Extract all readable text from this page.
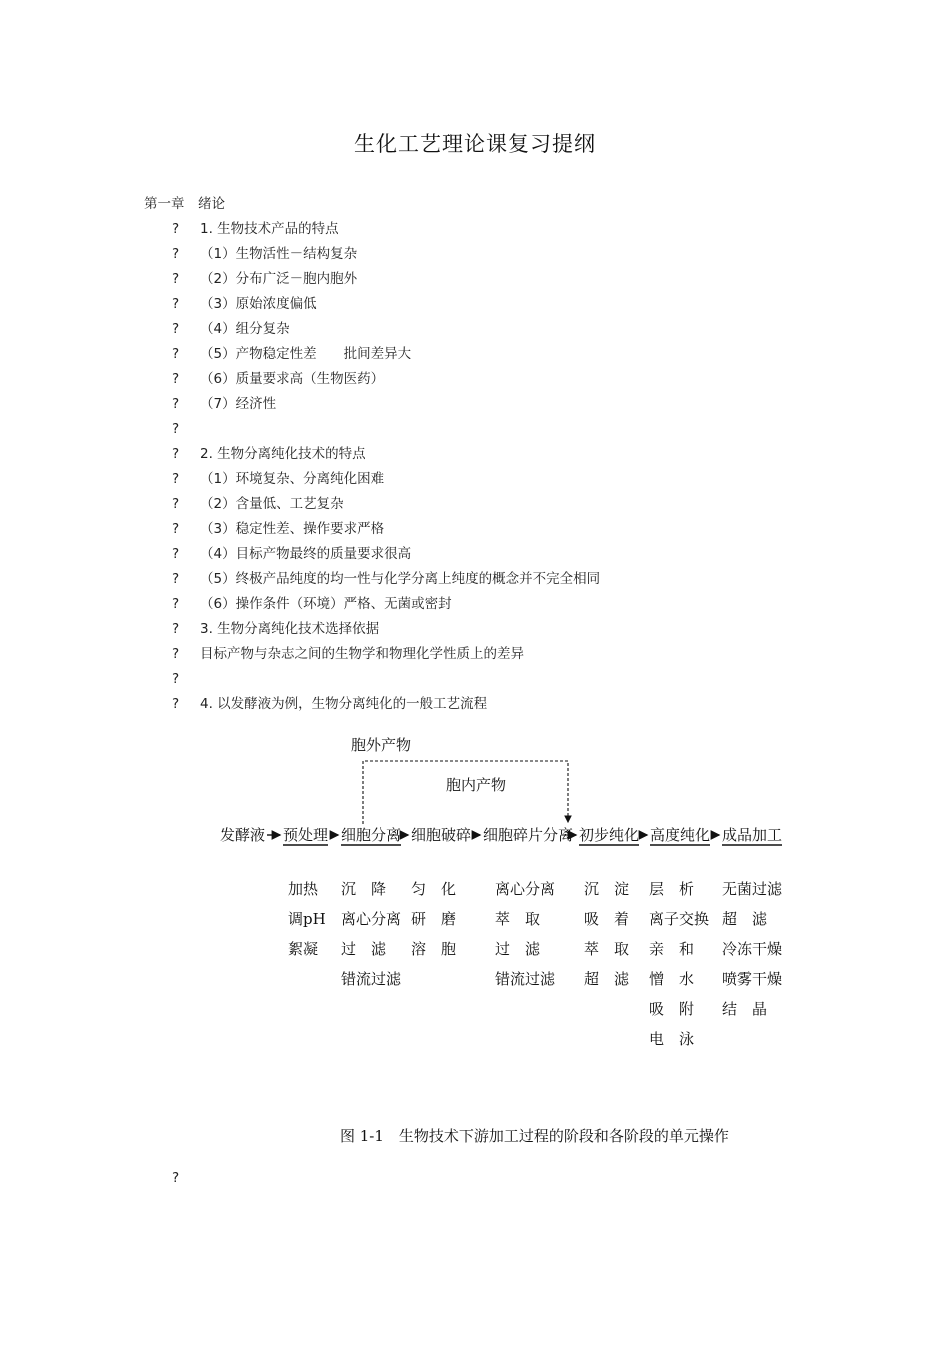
生化工艺理论课复习提纲
第一章　绪论
? 1. 生物技术产品的特点
? （1）生物活性－结构复杂
? （2）分布广泛－胞内胞外
? （3）原始浓度偏低
? （4）组分复杂
? （5）产物稳定性差　　批间差异大
? （6）质量要求高（生物医药）
? （7）经济性
?
? 2. 生物分离纯化技术的特点
? （1）环境复杂、分离纯化困难
? （2）含量低、工艺复杂
? （3）稳定性差、操作要求严格
? （4）目标产物最终的质量要求很高
? （5）终极产品纯度的均一性与化学分离上纯度的概念并不完全相同
? （6）操作条件（环境）严格、无菌或密封
? 3. 生物分离纯化技术选择依据
? 目标产物与杂志之间的生物学和物理化学性质上的差异
?
? 4. 以发酵液为例，生物分离纯化的一般工艺流程
胞外产物
胞内产物
发酵液 预处理 细胞分离 细胞破碎 细胞碎片分离 初步纯化 高度纯化 成品加工
加热
调pH
絮凝
沉　降
离心分离
过　滤
错流过滤
匀　化
研　磨
溶　胞
离心分离
萃　取
过　滤
错流过滤
沉　淀
吸　着
萃　取
超　滤
层　析
离子交换
亲　和
憎　水
吸　附
电　泳
无菌过滤
超　滤
冷冻干燥
喷雾干燥
结　晶
图 1-1　生物技术下游加工过程的阶段和各阶段的单元操作
?
